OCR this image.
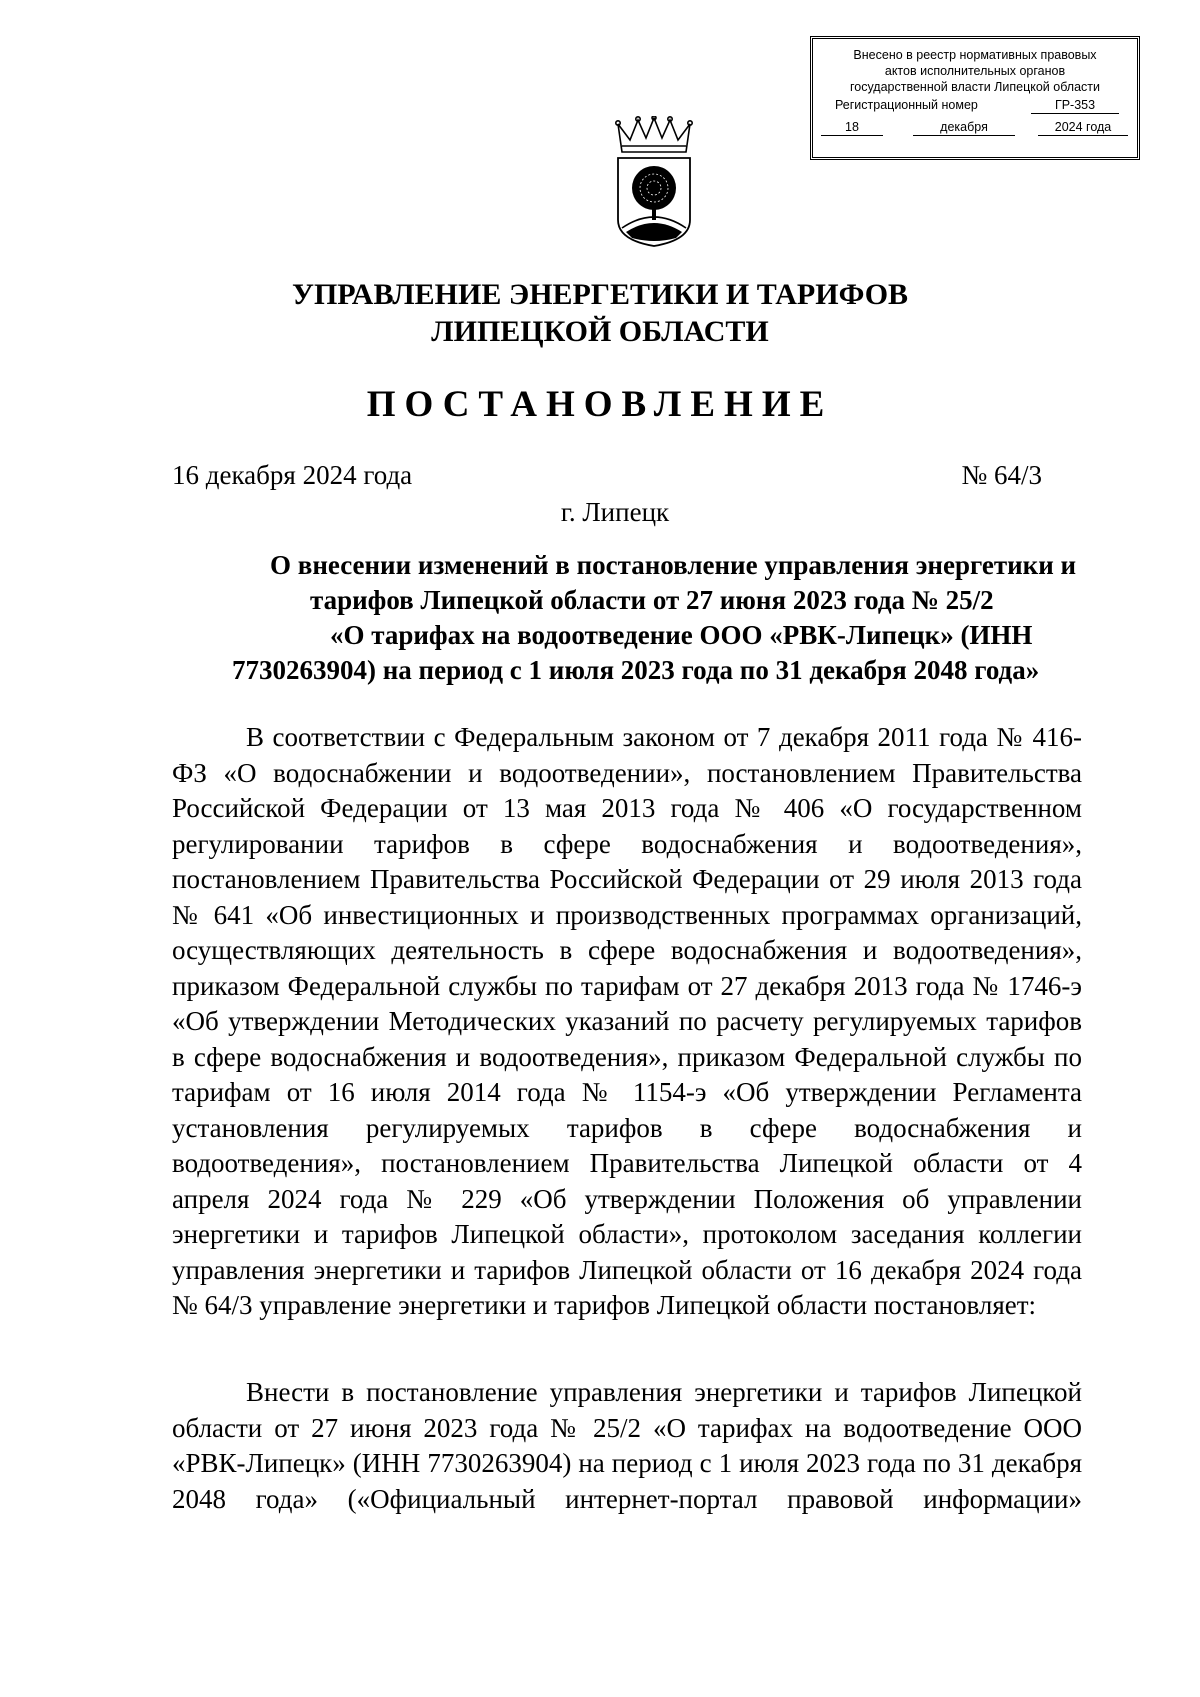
Внесено в реестр нормативных правовых
актов исполнительных органов
государственной власти Липецкой области
Регистрационный номер	ГР-353
18	декабря	2024 года
УПРАВЛЕНИЕ ЭНЕРГЕТИКИ И ТАРИФОВ
ЛИПЕЦКОЙ ОБЛАСТИ
ПОСТАНОВЛЕНИЕ
16 декабря 2024 года	№ 64/3
г. Липецк
О внесении изменений в постановление управления энергетики и
тарифов Липецкой области от 27 июня 2023 года № 25/2
«О тарифах на водоотведение ООО «РВК-Липецк» (ИНН
7730263904) на период с 1 июля 2023 года по 31 декабря 2048 года»
В соответствии с Федеральным законом от 7 декабря 2011 года № 416-ФЗ «О водоснабжении и водоотведении», постановлением Правительства Российской Федерации от 13 мая 2013 года № 406 «О государственном регулировании тарифов в сфере водоснабжения и водоотведения», постановлением Правительства Российской Федерации от 29 июля 2013 года № 641 «Об инвестиционных и производственных программах организаций, осуществляющих деятельность в сфере водоснабжения и водоотведения», приказом Федеральной службы по тарифам от 27 декабря 2013 года № 1746-э «Об утверждении Методических указаний по расчету регулируемых тарифов в сфере водоснабжения и водоотведения», приказом Федеральной службы по тарифам от 16 июля 2014 года № 1154-э «Об утверждении Регламента установления регулируемых тарифов в сфере водоснабжения и водоотведения», постановлением Правительства Липецкой области от 4 апреля 2024 года № 229 «Об утверждении Положения об управлении энергетики и тарифов Липецкой области», протоколом заседания коллегии управления энергетики и тарифов Липецкой области от 16 декабря 2024 года № 64/3 управление энергетики и тарифов Липецкой области постановляет:
Внести в постановление управления энергетики и тарифов Липецкой области от 27 июня 2023 года № 25/2 «О тарифах на водоотведение ООО «РВК-Липецк» (ИНН 7730263904) на период с 1 июля 2023 года по 31 декабря 2048 года» («Официальный интернет-портал правовой информации»
